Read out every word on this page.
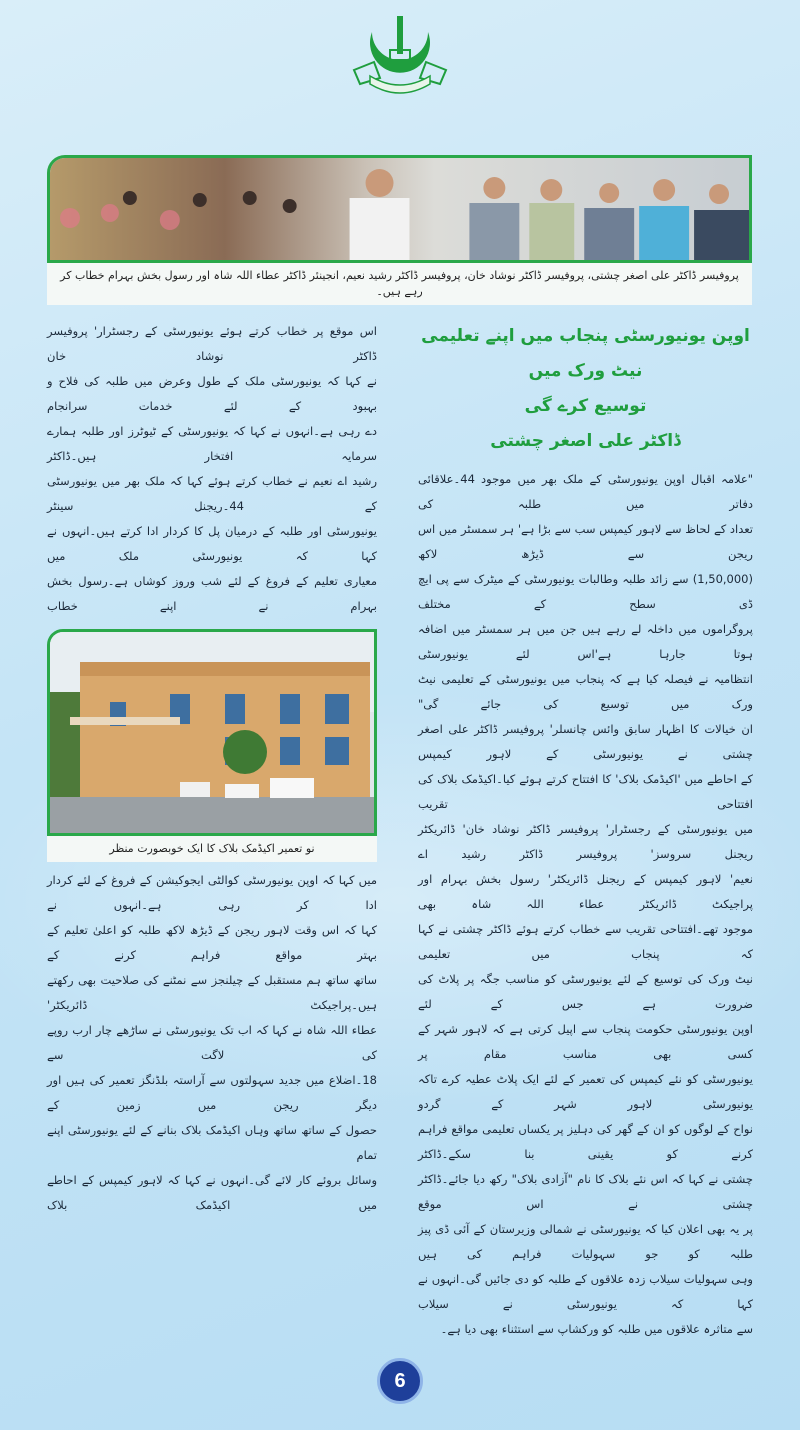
پروفیسر ڈاکٹر علی اصغر چشتی، پروفیسر ڈاکٹر نوشاد خان، پروفیسر ڈاکٹر رشید نعیم، انجینئر ڈاکٹر عطاء اللہ شاہ اور رسول بخش بہرام خطاب کر رہے ہیں۔
اس موقع پر خطاب کرتے ہوئے یونیورسٹی کے رجسٹرار' پروفیسر ڈاکٹر نوشاد خان
نے کہا کہ یونیورسٹی ملک کے طول وعرض میں طلبہ کی فلاح و بہبود کے لئے خدمات سرانجام
دے رہی ہے۔انہوں نے کہا کہ یونیورسٹی کے ٹیوٹرز اور طلبہ ہمارے سرمایہ افتخار ہیں۔ڈاکٹر
رشید اے نعیم نے خطاب کرتے ہوئے کہا کہ ملک بھر میں یونیورسٹی کے 44۔ریجنل سینٹر
یونیورسٹی اور طلبہ کے درمیان پل کا کردار ادا کرتے ہیں۔انہوں نے کہا کہ یونیورسٹی ملک میں
معیاری تعلیم کے فروغ کے لئے شب وروز کوشاں ہے۔رسول بخش بہرام نے اپنے خطاب
نو تعمیر اکیڈمک بلاک کا ایک خوبصورت منظر
میں کہا کہ اوپن یونیورسٹی کوالٹی ایجوکیشن کے فروغ کے لئے کردار ادا کر رہی ہے۔انہوں نے
کہا کہ اس وقت لاہور ریجن کے ڈیڑھ لاکھ طلبہ کو اعلیٰ تعلیم کے بہتر مواقع فراہم کرنے کے
ساتھ ساتھ ہم مستقبل کے چیلنجز سے نمٹنے کی صلاحیت بھی رکھتے ہیں۔پراجیکٹ ڈائریکٹر'
عطاء اللہ شاہ نے کہا کہ اب تک یونیورسٹی نے ساڑھے چار ارب روپے کی لاگت سے
18۔اضلاع میں جدید سہولتوں سے آراستہ بلڈنگز تعمیر کی ہیں اور دیگر ریجن میں زمین کے
حصول کے ساتھ ساتھ وہاں اکیڈمک بلاک بنانے کے لئے یونیورسٹی اپنے تمام
وسائل بروئے کار لائے گی۔انہوں نے کہا کہ لاہور کیمپس کے احاطے میں اکیڈمک بلاک
اوپن یونیورسٹی پنجاب میں اپنے تعلیمی نیٹ ورک میں
توسیع کرے گی
ڈاکٹر علی اصغر چشتی
"علامہ اقبال اوپن یونیورسٹی کے ملک بھر میں موجود 44۔علاقائی دفاتر میں طلبہ کی
تعداد کے لحاظ سے لاہور کیمپس سب سے بڑا ہے' ہر سمسٹر میں اس ریجن سے ڈیڑھ لاکھ
(1,50,000) سے زائد طلبہ وطالبات یونیورسٹی کے میٹرک سے پی ایچ ڈی سطح کے مختلف
پروگراموں میں داخلہ لے رہے ہیں جن میں ہر سمسٹر میں اضافہ ہوتا جارہا ہے'اس لئے یونیورسٹی
انتظامیہ نے فیصلہ کیا ہے کہ پنجاب میں یونیورسٹی کے تعلیمی نیٹ ورک میں توسیع کی جائے گی"
ان خیالات کا اظہار سابق وائس چانسلر' پروفیسر ڈاکٹر علی اصغر چشتی نے یونیورسٹی کے لاہور کیمپس
کے احاطے میں 'اکیڈمک بلاک' کا افتتاح کرتے ہوئے کیا۔اکیڈمک بلاک کی افتتاحی تقریب
میں یونیورسٹی کے رجسٹرار' پروفیسر ڈاکٹر نوشاد خان' ڈائریکٹر ریجنل سروسز' پروفیسر ڈاکٹر رشید اے
نعیم' لاہور کیمپس کے ریجنل ڈائریکٹر' رسول بخش بہرام اور پراجیکٹ ڈائریکٹر عطاء اللہ شاہ بھی
موجود تھے۔افتتاحی تقریب سے خطاب کرتے ہوئے ڈاکٹر چشتی نے کہا کہ پنجاب میں تعلیمی
نیٹ ورک کی توسیع کے لئے یونیورسٹی کو مناسب جگہ پر پلاٹ کی ضرورت ہے جس کے لئے
اوپن یونیورسٹی حکومت پنجاب سے اپیل کرتی ہے کہ لاہور شہر کے کسی بھی مناسب مقام پر
یونیورسٹی کو نئے کیمپس کی تعمیر کے لئے ایک پلاٹ عطیہ کرے تاکہ یونیورسٹی لاہور شہر کے گردو
نواح کے لوگوں کو ان کے گھر کی دہلیز پر یکساں تعلیمی مواقع فراہم کرنے کو یقینی بنا سکے۔ڈاکٹر
چشتی نے کہا کہ اس نئے بلاک کا نام "آزادی بلاک" رکھ دیا جائے۔ڈاکٹر چشتی نے اس موقع
پر یہ بھی اعلان کیا کہ یونیورسٹی نے شمالی وزیرستان کے آئی ڈی پیز طلبہ کو جو سہولیات فراہم کی ہیں
وہی سہولیات سیلاب زدہ علاقوں کے طلبہ کو دی جائیں گی۔انہوں نے کہا کہ یونیورسٹی نے سیلاب
سے متاثرہ علاقوں میں طلبہ کو ورکشاپ سے استثناء بھی دیا ہے۔
6
